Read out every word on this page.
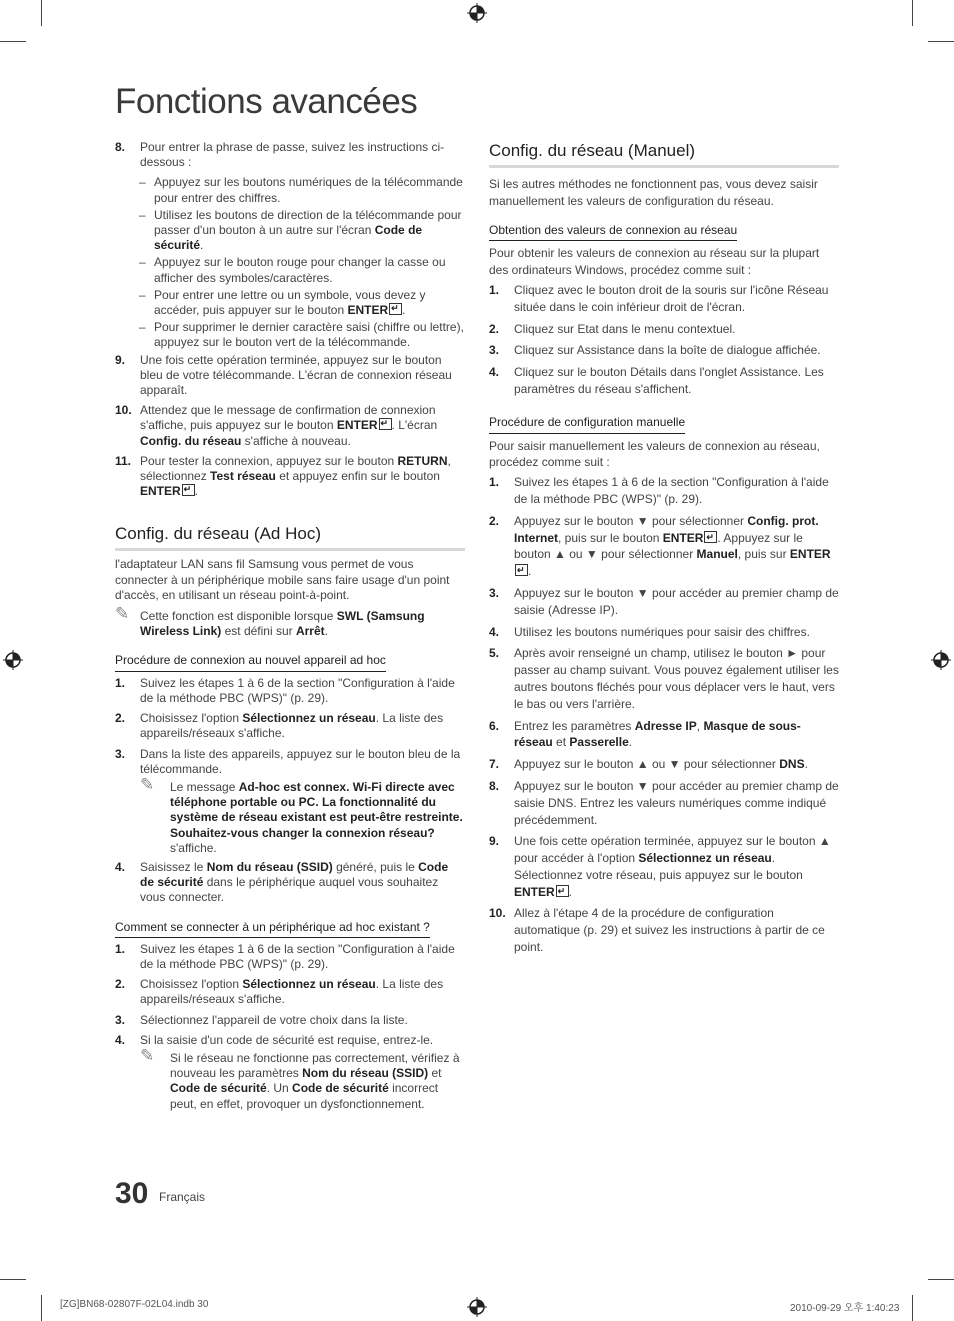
Fonctions avancées
8. Pour entrer la phrase de passe, suivez les instructions ci-dessous :
– Appuyez sur les boutons numériques de la télécommande pour entrer des chiffres.
– Utilisez les boutons de direction de la télécommande pour passer d'un bouton à un autre sur l'écran Code de sécurité.
– Appuyez sur le bouton rouge pour changer la casse ou afficher des symboles/caractères.
– Pour entrer une lettre ou un symbole, vous devez y accéder, puis appuyer sur le bouton ENTER ↵ .
– Pour supprimer le dernier caractère saisi (chiffre ou lettre), appuyez sur le bouton vert de la télécommande.
9. Une fois cette opération terminée, appuyez sur le bouton bleu de votre télécommande. L'écran de connexion réseau apparaît.
10. Attendez que le message de confirmation de connexion s'affiche, puis appuyez sur le bouton ENTER ↵ . L'écran Config. du réseau s'affiche à nouveau.
11. Pour tester la connexion, appuyez sur le bouton RETURN, sélectionnez Test réseau et appuyez enfin sur le bouton ENTER ↵ .
Config. du réseau (Ad Hoc)
l'adaptateur LAN sans fil Samsung vous permet de vous connecter à un périphérique mobile sans faire usage d'un point d'accès, en utilisant un réseau point-à-point.
✎ Cette fonction est disponible lorsque SWL (Samsung Wireless Link) est défini sur Arrêt.
Procédure de connexion au nouvel appareil ad hoc
1. Suivez les étapes 1 à 6 de la section "Configuration à l'aide de la méthode PBC (WPS)" (p. 29).
2. Choisissez l'option Sélectionnez un réseau. La liste des appareils/réseaux s'affiche.
3. Dans la liste des appareils, appuyez sur le bouton bleu de la télécommande.
✎ Le message Ad-hoc est connex. Wi-Fi directe avec téléphone portable ou PC. La fonctionnalité du système de réseau existant est peut-être restreinte. Souhaitez-vous changer la connexion réseau? s'affiche.
4. Saisissez le Nom du réseau (SSID) généré, puis le Code de sécurité dans le périphérique auquel vous souhaitez vous connecter.
Comment se connecter à un périphérique ad hoc existant ?
1. Suivez les étapes 1 à 6 de la section "Configuration à l'aide de la méthode PBC (WPS)" (p. 29).
2. Choisissez l'option Sélectionnez un réseau. La liste des appareils/réseaux s'affiche.
3. Sélectionnez l'appareil de votre choix dans la liste.
4. Si la saisie d'un code de sécurité est requise, entrez-le.
✎ Si le réseau ne fonctionne pas correctement, vérifiez à nouveau les paramètres Nom du réseau (SSID) et Code de sécurité. Un Code de sécurité incorrect peut, en effet, provoquer un dysfonctionnement.
Config. du réseau (Manuel)
Si les autres méthodes ne fonctionnent pas, vous devez saisir manuellement les valeurs de configuration du réseau.
Obtention des valeurs de connexion au réseau
Pour obtenir les valeurs de connexion au réseau sur la plupart des ordinateurs Windows, procédez comme suit :
1. Cliquez avec le bouton droit de la souris sur l'icône Réseau située dans le coin inférieur droit de l'écran.
2. Cliquez sur Etat dans le menu contextuel.
3. Cliquez sur Assistance dans la boîte de dialogue affichée.
4. Cliquez sur le bouton Détails dans l'onglet Assistance. Les paramètres du réseau s'affichent.
Procédure de configuration manuelle
Pour saisir manuellement les valeurs de connexion au réseau, procédez comme suit :
1. Suivez les étapes 1 à 6 de la section "Configuration à l'aide de la méthode PBC (WPS)" (p. 29).
2. Appuyez sur le bouton ▼ pour sélectionner Config. prot. Internet, puis sur le bouton ENTER ↵ . Appuyez sur le bouton ▲ ou ▼ pour sélectionner Manuel, puis sur ENTER↵.
3. Appuyez sur le bouton ▼ pour accéder au premier champ de saisie (Adresse IP).
4. Utilisez les boutons numériques pour saisir des chiffres.
5. Après avoir renseigné un champ, utilisez le bouton ► pour passer au champ suivant. Vous pouvez également utiliser les autres boutons fléchés pour vous déplacer vers le haut, vers le bas ou vers l'arrière.
6. Entrez les paramètres Adresse IP, Masque de sous-réseau et Passerelle.
7. Appuyez sur le bouton ▲ ou ▼ pour sélectionner DNS.
8. Appuyez sur le bouton ▼ pour accéder au premier champ de saisie DNS. Entrez les valeurs numériques comme indiqué précédemment.
9. Une fois cette opération terminée, appuyez sur le bouton ▲ pour accéder à l'option Sélectionnez un réseau. Sélectionnez votre réseau, puis appuyez sur le bouton ENTER ↵ .
10. Allez à l'étape 4 de la procédure de configuration automatique (p. 29) et suivez les instructions à partir de ce point.
30 Français
[ZG]BN68-02807F-02L04.indb 30	2010-09-29 오후 1:40:23
